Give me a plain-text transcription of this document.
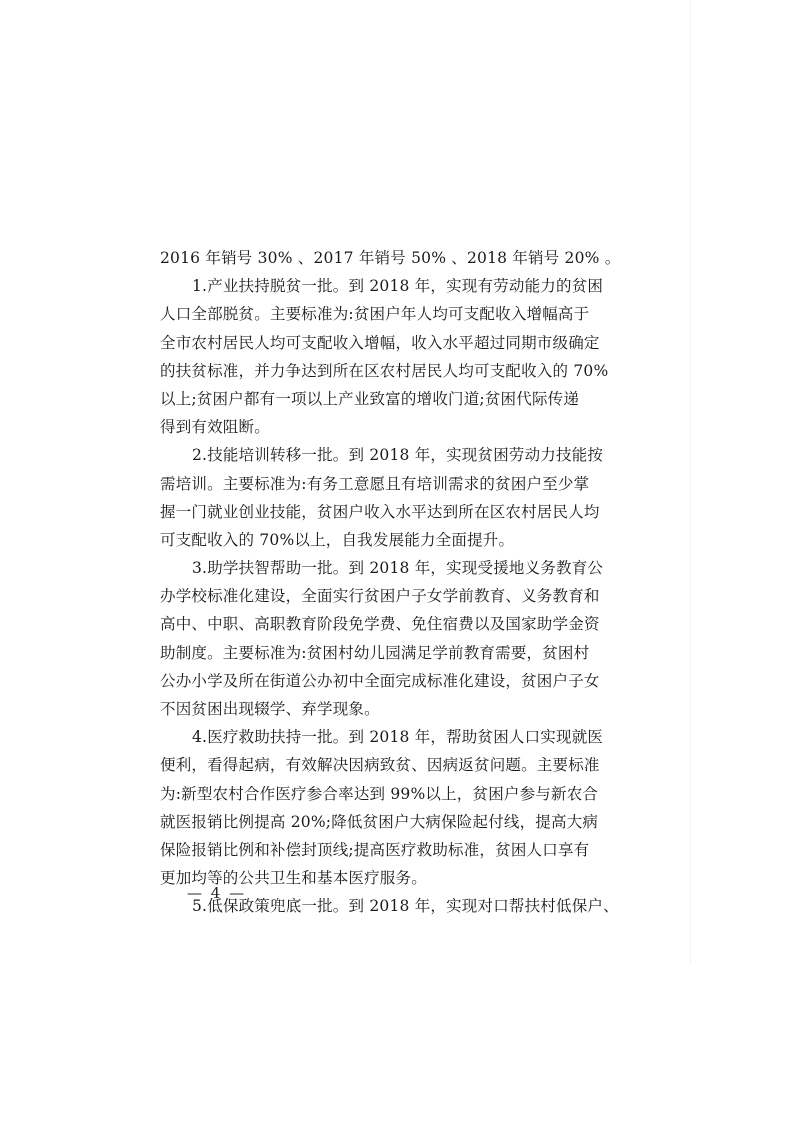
2016 年销号 30% 、2017 年销号 50% 、2018 年销号 20% 。
1.产业扶持脱贫一批。到 2018 年，实现有劳动能力的贫困
人口全部脱贫。主要标准为:贫困户年人均可支配收入增幅高于
全市农村居民人均可支配收入增幅，收入水平超过同期市级确定
的扶贫标准，并力争达到所在区农村居民人均可支配收入的 70%
以上;贫困户都有一项以上产业致富的增收门道;贫困代际传递
得到有效阻断。
2.技能培训转移一批。到 2018 年，实现贫困劳动力技能按
需培训。主要标准为:有务工意愿且有培训需求的贫困户至少掌
握一门就业创业技能，贫困户收入水平达到所在区农村居民人均
可支配收入的 70%以上，自我发展能力全面提升。
3.助学扶智帮助一批。到 2018 年，实现受援地义务教育公
办学校标准化建设，全面实行贫困户子女学前教育、义务教育和
高中、中职、高职教育阶段免学费、免住宿费以及国家助学金资
助制度。主要标准为:贫困村幼儿园满足学前教育需要，贫困村
公办小学及所在街道公办初中全面完成标准化建设，贫困户子女
不因贫困出现辍学、弃学现象。
4.医疗救助扶持一批。到 2018 年，帮助贫困人口实现就医
便利，看得起病，有效解决因病致贫、因病返贫问题。主要标准
为:新型农村合作医疗参合率达到 99%以上，贫困户参与新农合
就医报销比例提高 20%;降低贫困户大病保险起付线，提高大病
保险报销比例和补偿封顶线;提高医疗救助标准，贫困人口享有
更加均等的公共卫生和基本医疗服务。
5.低保政策兜底一批。到 2018 年，实现对口帮扶村低保户、
— 4 —
